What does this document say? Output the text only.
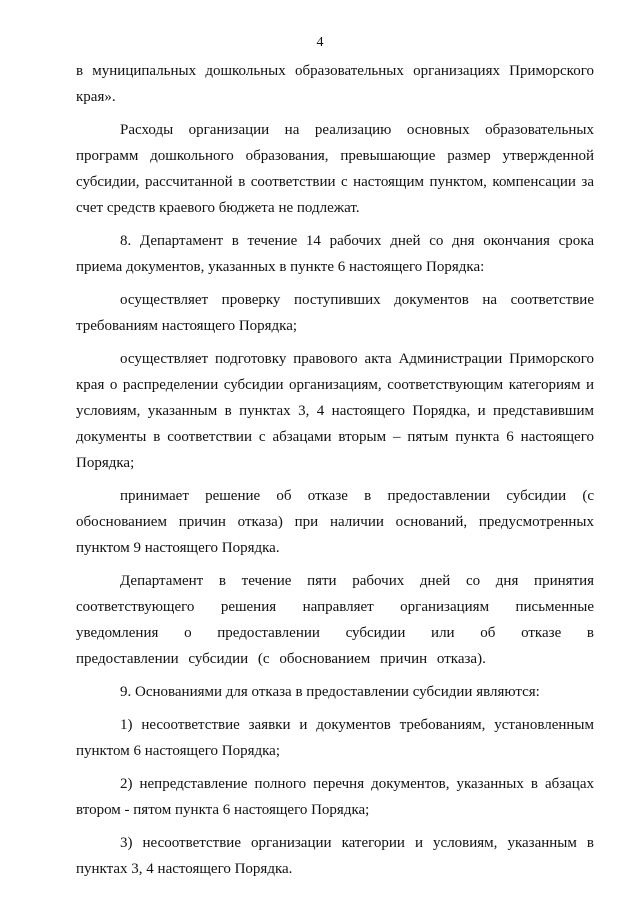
4

в муниципальных дошкольных образовательных организациях Приморского края».

Расходы организации на реализацию основных образовательных программ дошкольного образования, превышающие размер утвержденной субсидии, рассчитанной в соответствии с настоящим пунктом, компенсации за счет средств краевого бюджета не подлежат.

8. Департамент в течение 14 рабочих дней со дня окончания срока приема документов, указанных в пункте 6 настоящего Порядка:

осуществляет проверку поступивших документов на соответствие требованиям настоящего Порядка;

осуществляет подготовку правового акта Администрации Приморского края о распределении субсидии организациям, соответствующим категориям и условиям, указанным в пунктах 3, 4 настоящего Порядка, и представившим документы в соответствии с абзацами вторым – пятым пункта 6 настоящего Порядка;

принимает решение об отказе в предоставлении субсидии (с обоснованием причин отказа) при наличии оснований, предусмотренных пунктом 9 настоящего Порядка.

Департамент в течение пяти рабочих дней со дня принятия соответствующего решения направляет организациям письменные уведомления о предоставлении субсидии или об отказе в предоставлении субсидии (с обоснованием причин отказа).

9. Основаниями для отказа в предоставлении субсидии являются:

1) несоответствие заявки и документов требованиям, установленным пунктом 6 настоящего Порядка;

2) непредставление полного перечня документов, указанных в абзацах втором - пятом пункта 6 настоящего Порядка;

3) несоответствие организации категории и условиям, указанным в пунктах 3, 4 настоящего Порядка.
